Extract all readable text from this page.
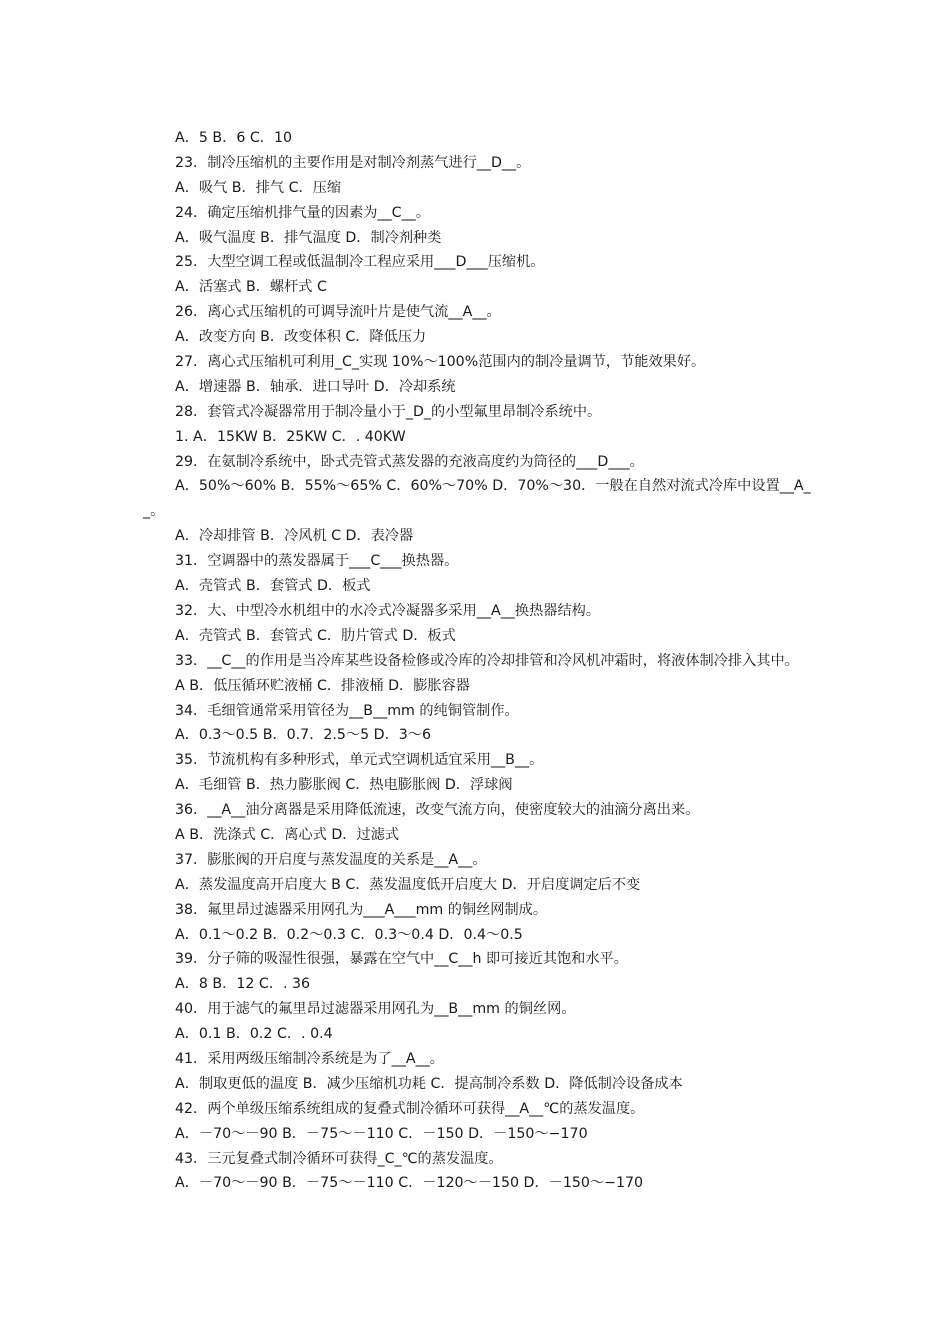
A．5 B．6 C．10
23．制冷压缩机的主要作用是对制冷剂蒸气进行__D__。
A．吸气 B．排气 C．压缩
24．确定压缩机排气量的因素为__C__。
A．吸气温度 B．排气温度 D．制冷剂种类
25．大型空调工程或低温制冷工程应采用___D___压缩机。
A．活塞式 B．螺杆式 C
26．离心式压缩机的可调导流叶片是使气流__A__。
A．改变方向 B．改变体积 C．降低压力
27．离心式压缩机可利用_C_实现 10%～100%范围内的制冷量调节，节能效果好。
A．增速器 B．轴承．进口导叶 D．冷却系统
28．套管式冷凝器常用于制冷量小于_D_的小型氟里昂制冷系统中。
1. A．15KW B．25KW C．. 40KW
29．在氨制冷系统中，卧式壳管式蒸发器的充液高度约为筒径的___D___。
A．50%～60% B．55%～65% C．60%～70% D．70%～30．一般在自然对流式冷库中设置__A__。
A．冷却排管 B．冷风机 C D．表冷器
31．空调器中的蒸发器属于___C___换热器。
A．壳管式 B．套管式 D．板式
32．大、中型冷水机组中的水冷式冷凝器多采用__A__换热器结构。
A．壳管式 B．套管式 C．肋片管式 D．板式
33．__C__的作用是当冷库某些设备检修或冷库的冷却排管和冷风机冲霜时，将液体制冷排入其中。
A B．低压循环贮液桶 C．排液桶 D．膨胀容器
34．毛细管通常采用管径为__B__mm 的纯铜管制作。
A．0.3～0.5 B．0.7．2.5～5 D．3～6
35．节流机构有多种形式，单元式空调机适宜采用__B__。
A．毛细管 B．热力膨胀阀 C．热电膨胀阀 D．浮球阀
36．__A__油分离器是采用降低流速，改变气流方向，使密度较大的油滴分离出来。
A B．洗涤式 C．离心式 D．过滤式
37．膨胀阀的开启度与蒸发温度的关系是__A__。
A．蒸发温度高开启度大 B C．蒸发温度低开启度大 D．开启度调定后不变
38．氟里昂过滤器采用网孔为___A___mm 的铜丝网制成。
A．0.1～0.2 B．0.2～0.3 C．0.3～0.4 D．0.4～0.5
39．分子筛的吸湿性很强，暴露在空气中__C__h 即可接近其饱和水平。
A．8 B．12 C．. 36
40．用于滤气的氟里昂过滤器采用网孔为__B__mm 的铜丝网。
A．0.1 B．0.2 C．. 0.4
41．采用两级压缩制冷系统是为了__A__。
A．制取更低的温度 B．减少压缩机功耗 C．提高制冷系数 D．降低制冷设备成本
42．两个单级压缩系统组成的复叠式制冷循环可获得__A__℃的蒸发温度。
A．－70～－90 B．－75～－110 C．－150 D．－150～−170
43．三元复叠式制冷循环可获得_C_℃的蒸发温度。
A．－70～－90 B．－75～－110 C．－120～－150 D．－150～−170
